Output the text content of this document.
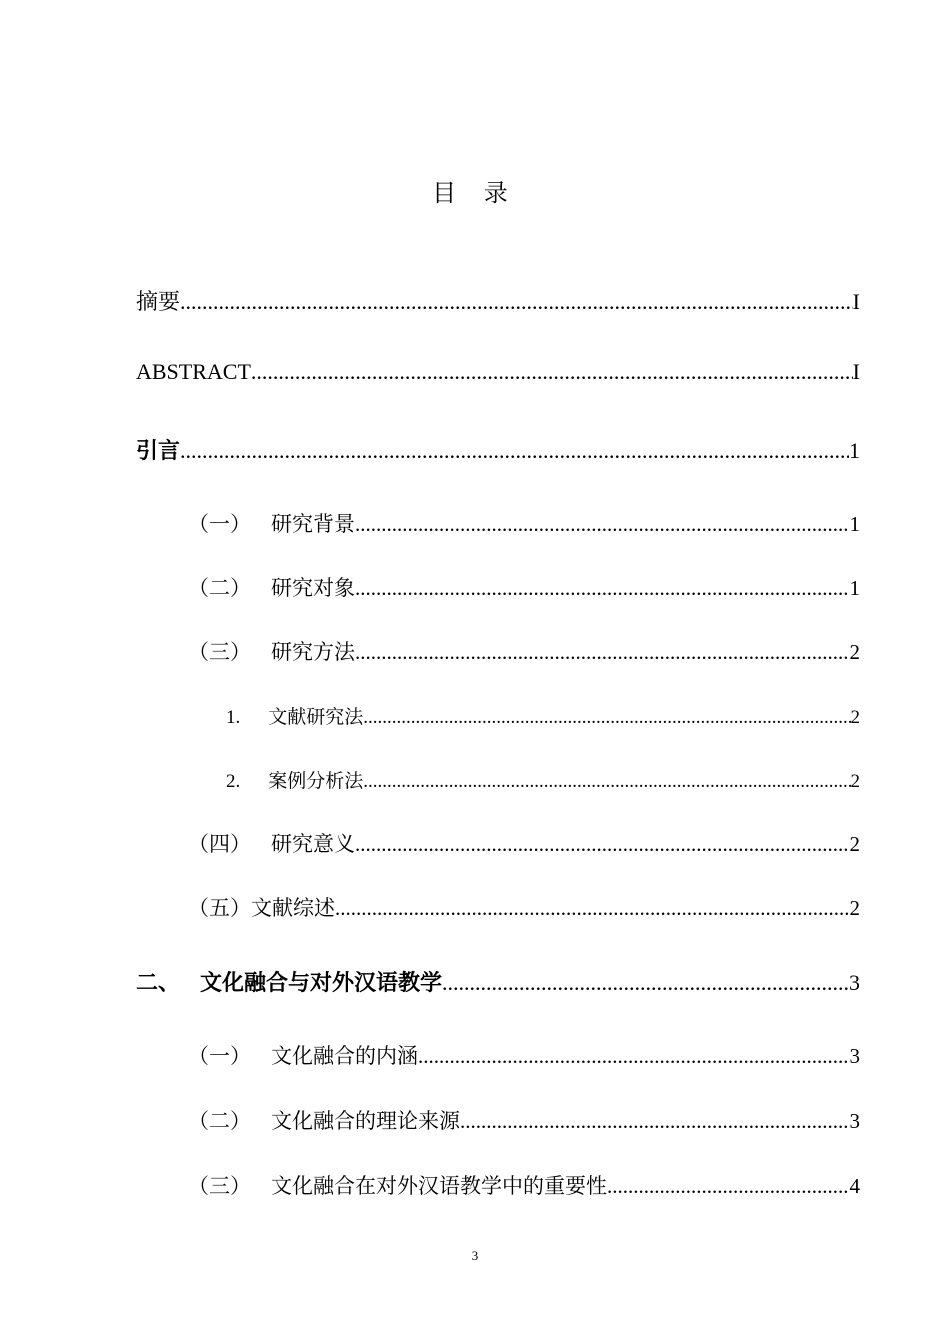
目 录
摘要 .....	I
ABSTRACT .....	I
引言 .....	1
（一） 研究背景 .....	1
（二） 研究对象 .....	1
（三） 研究方法 .....	2
1. 文献研究法 .....	2
2. 案例分析法 .....	2
（四） 研究意义 .....	2
（五） 文献综述 .....	2
二、 文化融合与对外汉语教学 .....	3
（一） 文化融合的内涵 .....	3
（二） 文化融合的理论来源 .....	3
（三） 文化融合在对外汉语教学中的重要性 .....	4
3
